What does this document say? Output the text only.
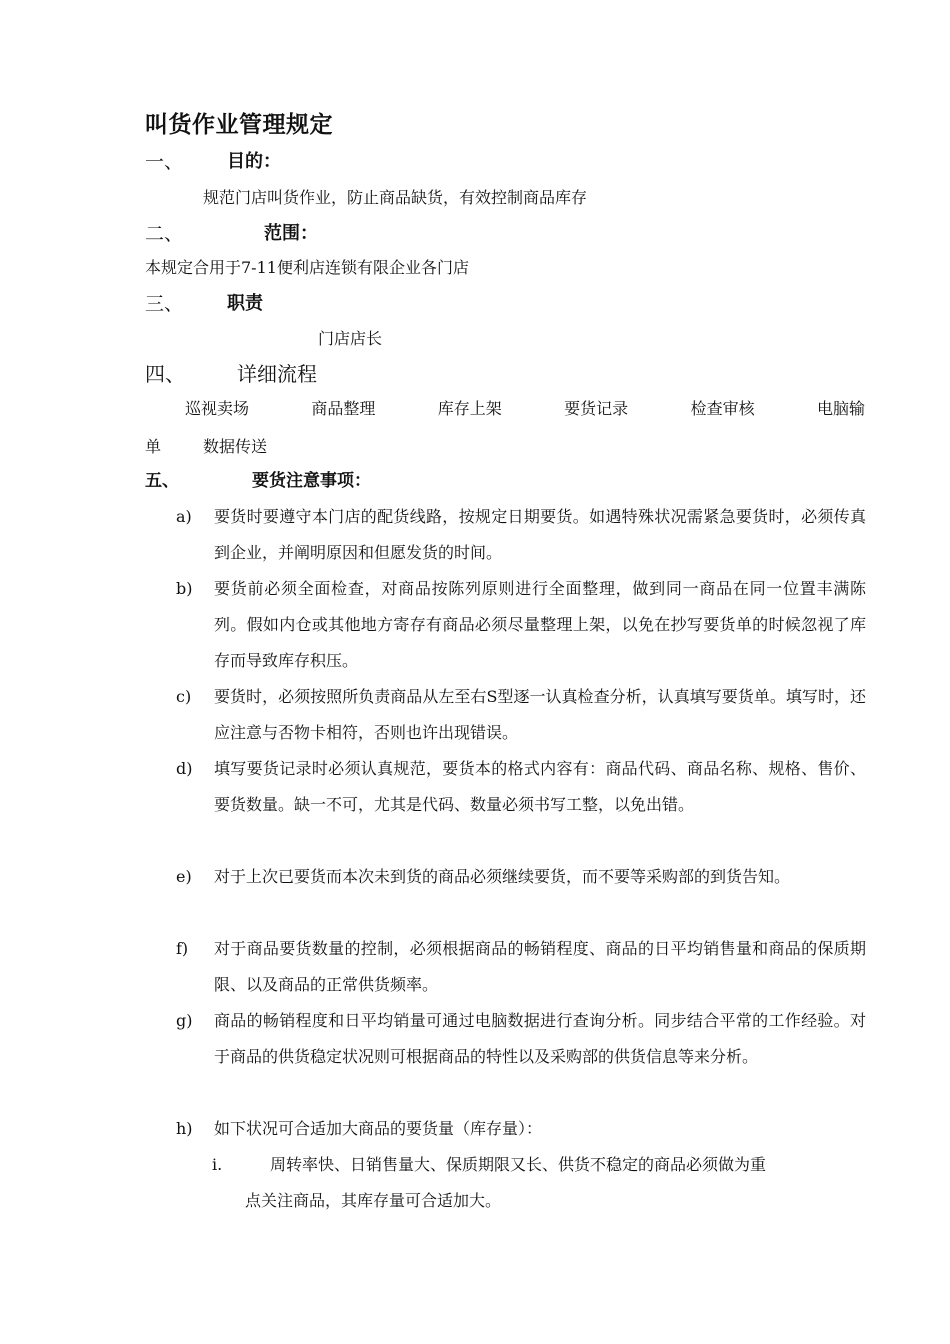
叫货作业管理规定
一、 目的：
规范门店叫货作业，防止商品缺货，有效控制商品库存
二、	范围：
本规定合用于7-11便利店连锁有限企业各门店
三、 职责
门店店长
四、	详细流程
巡视卖场	商品整理	库存上架	要货记录	检查审核	电脑输
单	数据传送
五、	要货注意事项：
a)	要货时要遵守本门店的配货线路，按规定日期要货。如遇特殊状况需紧急要货时，必须传真到企业，并阐明原因和但愿发货的时间。
b)	要货前必须全面检查，对商品按陈列原则进行全面整理，做到同一商品在同一位置丰满陈列。假如内仓或其他地方寄存有商品必须尽量整理上架，以免在抄写要货单的时候忽视了库存而导致库存积压。
c)	要货时，必须按照所负责商品从左至右S型逐一认真检查分析，认真填写要货单。填写时，还应注意与否物卡相符，否则也许出现错误。
d)	填写要货记录时必须认真规范，要货本的格式内容有：商品代码、商品名称、规格、售价、要货数量。缺一不可，尤其是代码、数量必须书写工整，以免出错。
e)	对于上次已要货而本次未到货的商品必须继续要货，而不要等采购部的到货告知。
f)	对于商品要货数量的控制，必须根据商品的畅销程度、商品的日平均销售量和商品的保质期限、以及商品的正常供货频率。
g)	商品的畅销程度和日平均销量可通过电脑数据进行查询分析。同步结合平常的工作经验。对于商品的供货稳定状况则可根据商品的特性以及采购部的供货信息等来分析。
h)	如下状况可合适加大商品的要货量（库存量）：
i.	周转率快、日销售量大、保质期限又长、供货不稳定的商品必须做为重
点关注商品，其库存量可合适加大。
